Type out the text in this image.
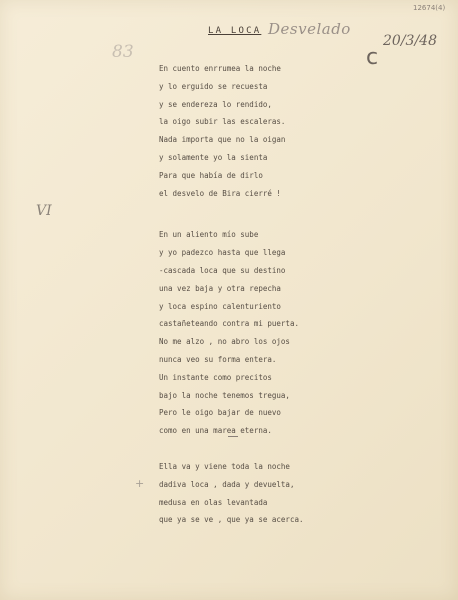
12674(4)
LA LOCA Desvelado
20/3/48
c
83
VI
+
En cuento enrrumea la noche
y lo erguido se recuesta
y se endereza lo rendido,
la oigo subir las escaleras.
Nada importa que no la oigan
y solamente yo la sienta
Para que había de dirlo
el desvelo de Bira cierré !
En un aliento mío sube
y yo padezco hasta que llega
-cascada loca que su destino
una vez baja y otra repecha
y loca espino calenturiento
castañeteando contra mi puerta.
No me alzo , no abro los ojos
nunca veo su forma entera.
Un instante como precitos
bajo la noche tenemos tregua,
Pero le oigo bajar de nuevo
como en una marea eterna.
Ella va y viene toda la noche
dadiva loca , dada y devuelta,
medusa en olas levantada
que ya se ve , que ya se acerca.
